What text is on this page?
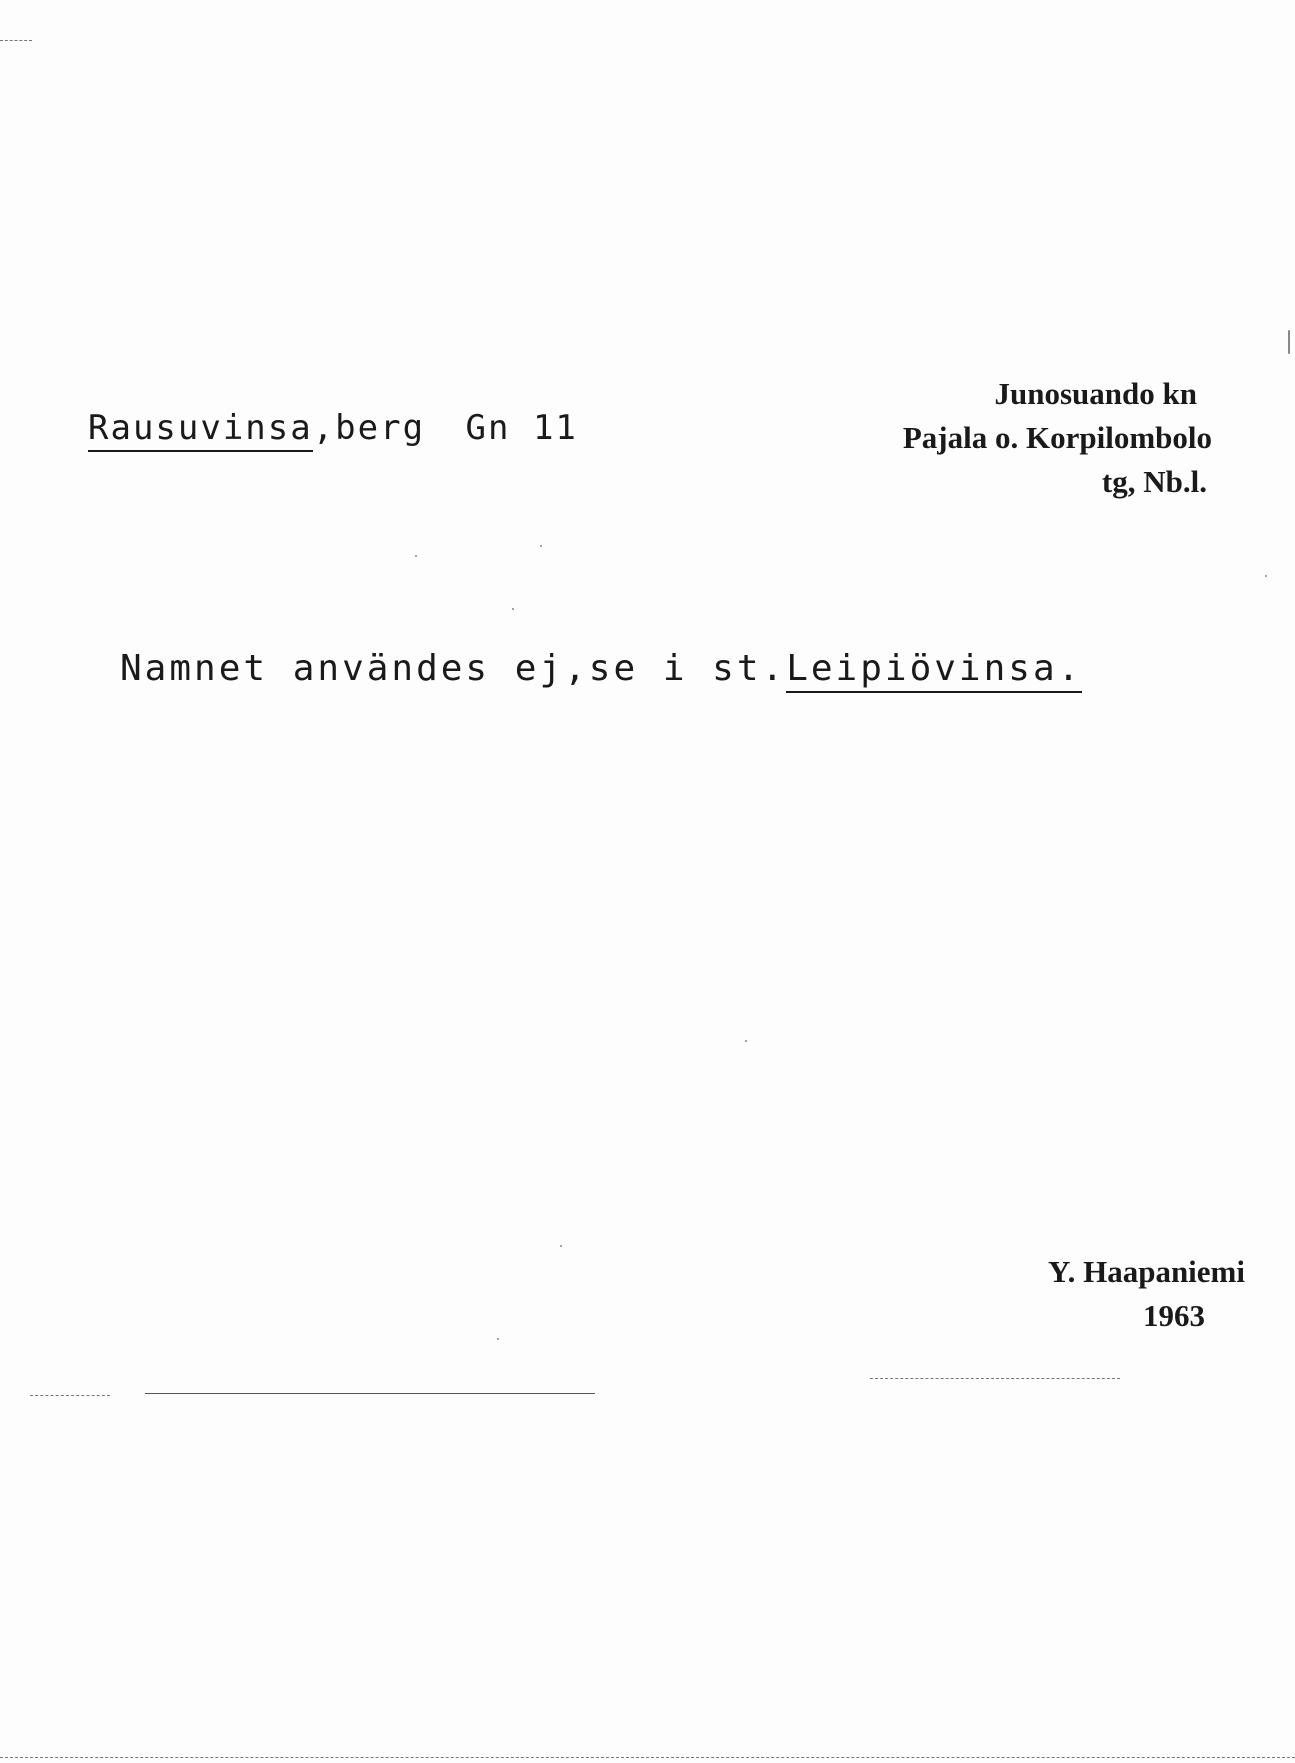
Rausuvinsa,berg Gn 11
Junosuando kn
Pajala o. Korpilombolo
tg, Nb.l.
Namnet användes ej,se i st.Leipiövinsa.
Y. Haapaniemi
1963
